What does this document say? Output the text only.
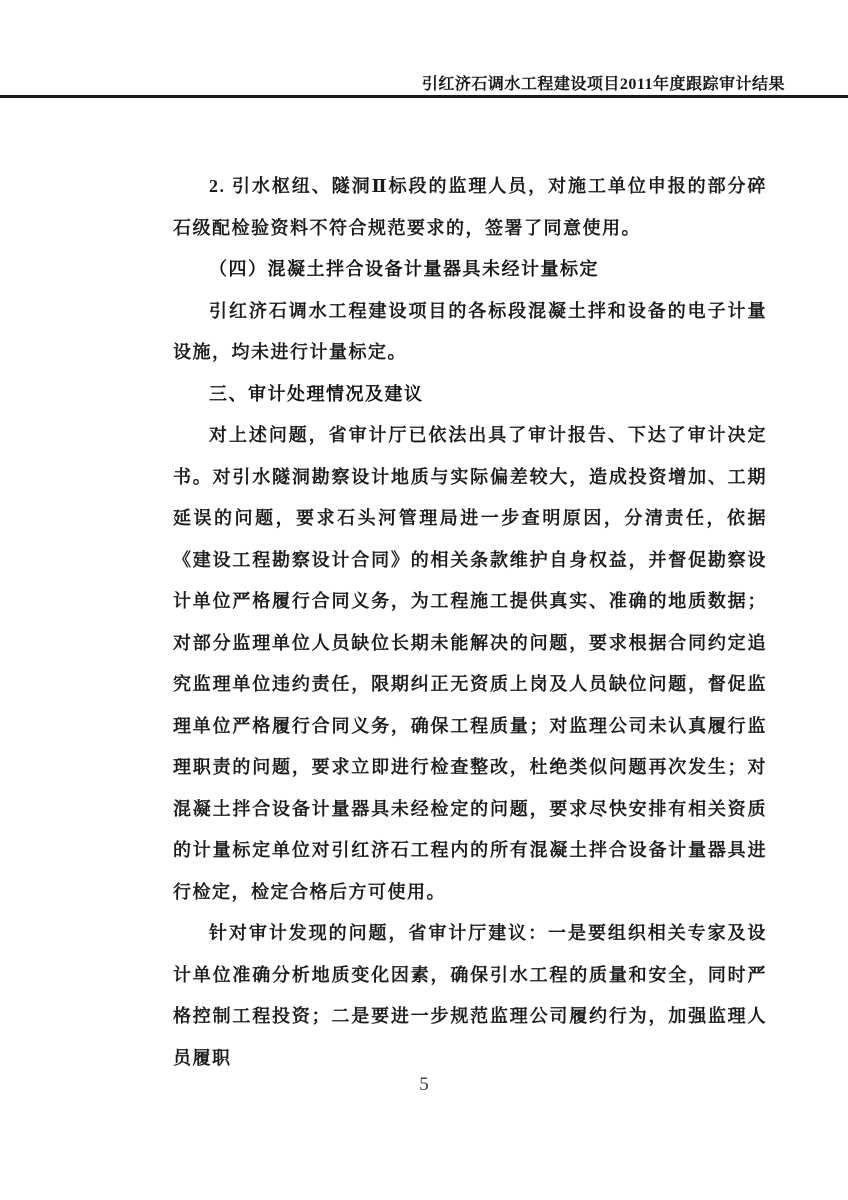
引红济石调水工程建设项目2011年度跟踪审计结果

2. 引水枢纽、隧洞Ⅱ标段的监理人员，对施工单位申报的部分碎石级配检验资料不符合规范要求的，签署了同意使用。

（四）混凝土拌合设备计量器具未经计量标定

引红济石调水工程建设项目的各标段混凝土拌和设备的电子计量设施，均未进行计量标定。

三、审计处理情况及建议

对上述问题，省审计厅已依法出具了审计报告、下达了审计决定书。对引水隧洞勘察设计地质与实际偏差较大，造成投资增加、工期延误的问题，要求石头河管理局进一步查明原因，分清责任，依据《建设工程勘察设计合同》的相关条款维护自身权益，并督促勘察设计单位严格履行合同义务，为工程施工提供真实、准确的地质数据；对部分监理单位人员缺位长期未能解决的问题，要求根据合同约定追究监理单位违约责任，限期纠正无资质上岗及人员缺位问题，督促监理单位严格履行合同义务，确保工程质量；对监理公司未认真履行监理职责的问题，要求立即进行检查整改，杜绝类似问题再次发生；对混凝土拌合设备计量器具未经检定的问题，要求尽快安排有相关资质的计量标定单位对引红济石工程内的所有混凝土拌合设备计量器具进行检定，检定合格后方可使用。

针对审计发现的问题，省审计厅建议：一是要组织相关专家及设计单位准确分析地质变化因素，确保引水工程的质量和安全，同时严格控制工程投资；二是要进一步规范监理公司履约行为，加强监理人员履职

5
